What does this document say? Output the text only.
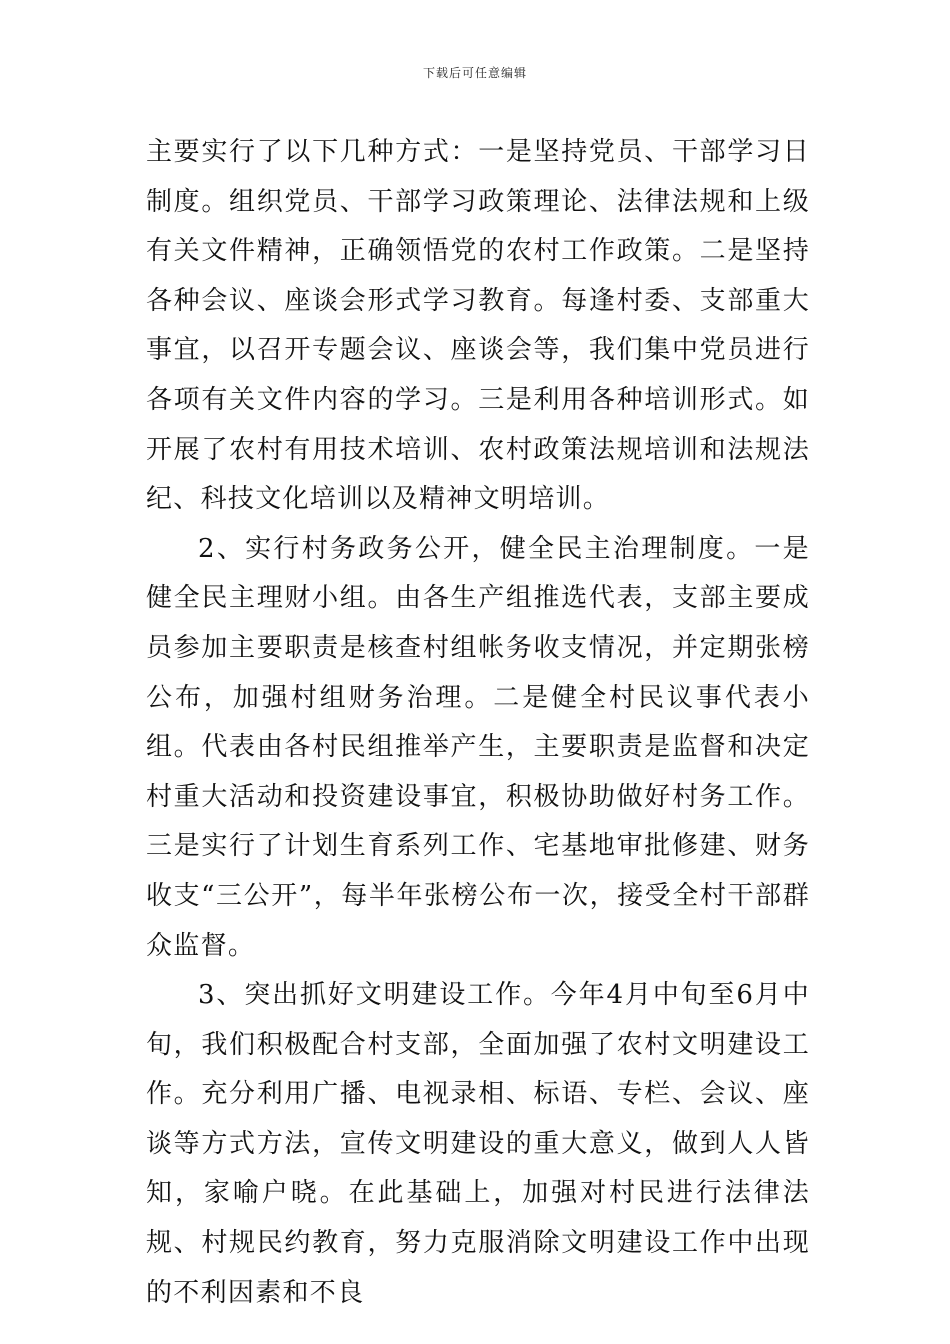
下载后可任意编辑

主要实行了以下几种方式：一是坚持党员、干部学习日制度。组织党员、干部学习政策理论、法律法规和上级有关文件精神，正确领悟党的农村工作政策。二是坚持各种会议、座谈会形式学习教育。每逢村委、支部重大事宜，以召开专题会议、座谈会等，我们集中党员进行各项有关文件内容的学习。三是利用各种培训形式。如开展了农村有用技术培训、农村政策法规培训和法规法纪、科技文化培训以及精神文明培训。

2、实行村务政务公开，健全民主治理制度。一是健全民主理财小组。由各生产组推选代表，支部主要成员参加主要职责是核查村组帐务收支情况，并定期张榜公布，加强村组财务治理。二是健全村民议事代表小组。代表由各村民组推举产生，主要职责是监督和决定村重大活动和投资建设事宜，积极协助做好村务工作。三是实行了计划生育系列工作、宅基地审批修建、财务收支“三公开”，每半年张榜公布一次，接受全村干部群众监督。

3、突出抓好文明建设工作。今年4月中旬至6月中旬，我们积极配合村支部，全面加强了农村文明建设工作。充分利用广播、电视录相、标语、专栏、会议、座谈等方式方法，宣传文明建设的重大意义，做到人人皆知，家喻户晓。在此基础上，加强对村民进行法律法规、村规民约教育，努力克服消除文明建设工作中出现的不利因素和不良
